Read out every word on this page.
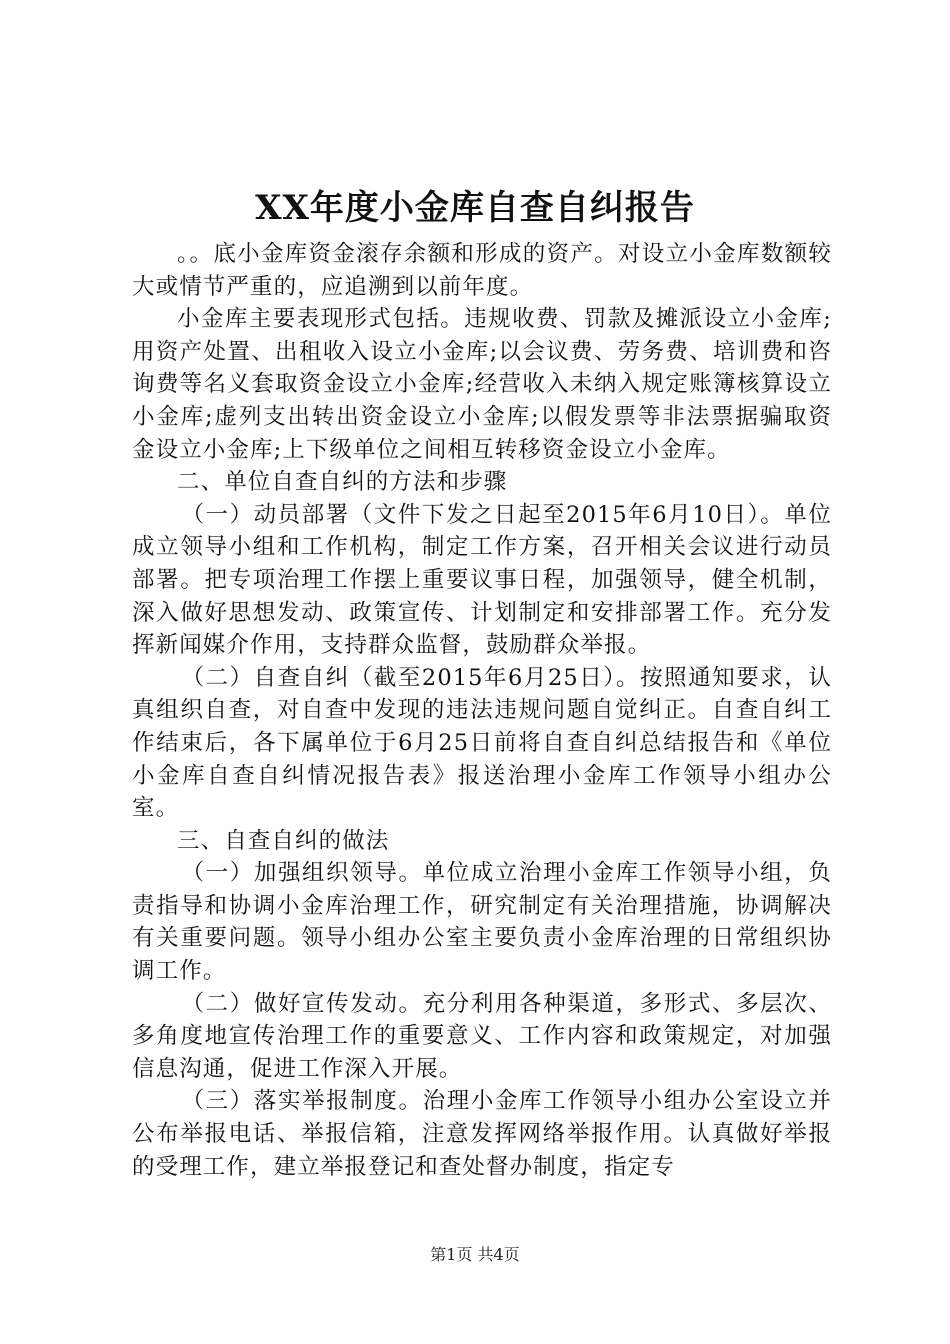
XX年度小金库自查自纠报告

。。底小金库资金滚存余额和形成的资产。对设立小金库数额较大或情节严重的，应追溯到以前年度。

小金库主要表现形式包括。违规收费、罚款及摊派设立小金库;用资产处置、出租收入设立小金库;以会议费、劳务费、培训费和咨询费等名义套取资金设立小金库;经营收入未纳入规定账簿核算设立小金库;虚列支出转出资金设立小金库;以假发票等非法票据骗取资金设立小金库;上下级单位之间相互转移资金设立小金库。

二、单位自查自纠的方法和步骤

（一）动员部署（文件下发之日起至2015年6月10日）。单位成立领导小组和工作机构，制定工作方案，召开相关会议进行动员部署。把专项治理工作摆上重要议事日程，加强领导，健全机制，深入做好思想发动、政策宣传、计划制定和安排部署工作。充分发挥新闻媒介作用，支持群众监督，鼓励群众举报。

（二）自查自纠（截至2015年6月25日）。按照通知要求，认真组织自查，对自查中发现的违法违规问题自觉纠正。自查自纠工作结束后，各下属单位于6月25日前将自查自纠总结报告和《单位小金库自查自纠情况报告表》报送治理小金库工作领导小组办公室。

三、自查自纠的做法

（一）加强组织领导。单位成立治理小金库工作领导小组，负责指导和协调小金库治理工作，研究制定有关治理措施，协调解决有关重要问题。领导小组办公室主要负责小金库治理的日常组织协调工作。

（二）做好宣传发动。充分利用各种渠道，多形式、多层次、多角度地宣传治理工作的重要意义、工作内容和政策规定，对加强信息沟通，促进工作深入开展。

（三）落实举报制度。治理小金库工作领导小组办公室设立并公布举报电话、举报信箱，注意发挥网络举报作用。认真做好举报的受理工作，建立举报登记和查处督办制度，指定专

第1页 共4页
